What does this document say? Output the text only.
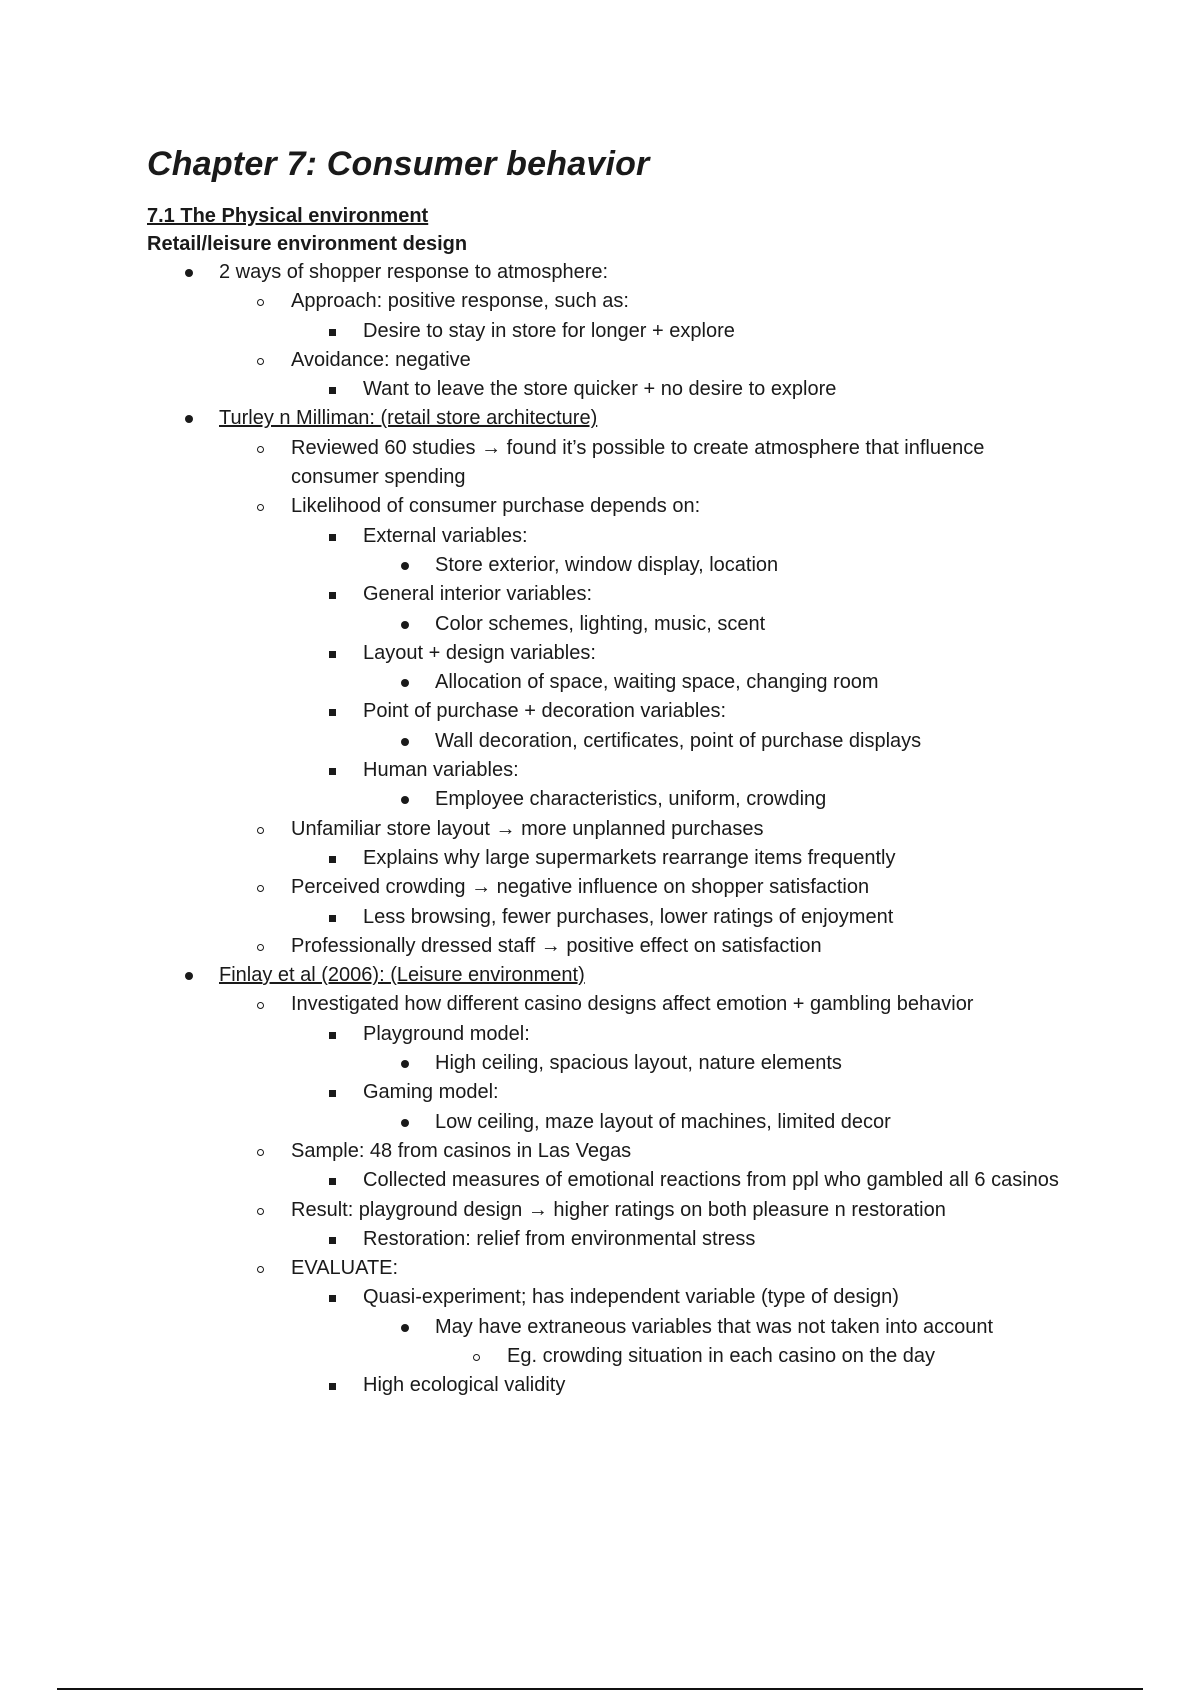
Chapter 7: Consumer behavior
7.1 The Physical environment
Retail/leisure environment design
2 ways of shopper response to atmosphere:
Approach: positive response, such as:
Desire to stay in store for longer + explore
Avoidance: negative
Want to leave the store quicker + no desire to explore
Turley n Milliman: (retail store architecture)
Reviewed 60 studies → found it’s possible to create atmosphere that influence consumer spending
Likelihood of consumer purchase depends on:
External variables:
Store exterior, window display, location
General interior variables:
Color schemes, lighting, music, scent
Layout + design variables:
Allocation of space, waiting space, changing room
Point of purchase + decoration variables:
Wall decoration, certificates, point of purchase displays
Human variables:
Employee characteristics, uniform, crowding
Unfamiliar store layout → more unplanned purchases
Explains why large supermarkets rearrange items frequently
Perceived crowding → negative influence on shopper satisfaction
Less browsing, fewer purchases, lower ratings of enjoyment
Professionally dressed staff → positive effect on satisfaction
Finlay et al (2006): (Leisure environment)
Investigated how different casino designs affect emotion + gambling behavior
Playground model:
High ceiling, spacious layout, nature elements
Gaming model:
Low ceiling, maze layout of machines, limited decor
Sample: 48 from casinos in Las Vegas
Collected measures of emotional reactions from ppl who gambled all 6 casinos
Result: playground design → higher ratings on both pleasure n restoration
Restoration: relief from environmental stress
EVALUATE:
Quasi-experiment; has independent variable (type of design)
May have extraneous variables that was not taken into account
Eg. crowding situation in each casino on the day
High ecological validity
